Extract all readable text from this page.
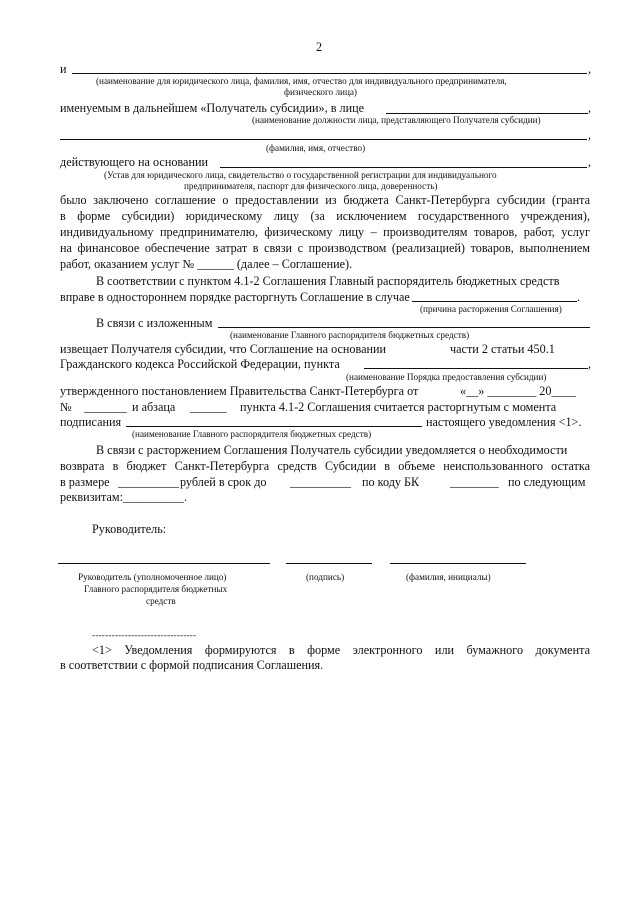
2
и	,
(наименование для юридического лица, фамилия, имя, отчество для индивидуального предпринимателя,
физического лица)
именуемым в дальнейшем «Получатель субсидии», в лице	,
(наименование должности лица, представляющего Получателя субсидии)
,
(фамилия, имя, отчество)
действующего на основании	,
(Устав для юридического лица, свидетельство о государственной регистрации для индивидуального
предпринимателя, паспорт для физического лица, доверенность)
было заключено соглашение о предоставлении из бюджета Санкт-Петербурга субсидии (гранта
в форме субсидии) юридическому лицу (за исключением государственного учреждения),
индивидуальному предпринимателю, физическому лицу – производителям товаров, работ, услуг
на финансовое обеспечение затрат в связи с производством (реализацией) товаров, выполнением
работ, оказанием услуг № ______ (далее – Соглашение).
В соответствии с пунктом 4.1-2 Соглашения Главный распорядитель бюджетных средств
вправе в одностороннем порядке расторгнуть Соглашение в случае	.
(причина расторжения Соглашения)
В связи с изложенным
(наименование Главного распорядителя бюджетных средств)
извещает Получателя субсидии, что Соглашение на основании	части 2 статьи 450.1
Гражданского кодекса Российской Федерации, пункта	,
(наименование Порядка предоставления субсидии)
утвержденного постановлением Правительства Санкт-Петербурга от	«__» ________ 20____
№ _______ и абзаца ______ пункта 4.1-2 Соглашения считается расторгнутым с момента
подписания	настоящего уведомления <1>.
(наименование Главного распорядителя бюджетных средств)
В связи с расторжением Соглашения Получатель субсидии уведомляется о необходимости
возврата в бюджет Санкт-Петербурга средств Субсидии в объеме неиспользованного остатка
в размере __________ рублей в срок до __________ по коду БК	________ по следующим
реквизитам:__________.
Руководитель:
Руководитель (уполномоченное лицо)
Главного распорядителя бюджетных
средств
(подпись)	(фамилия, инициалы)
--------------------------------
<1> Уведомления формируются в форме электронного или бумажного документа
в соответствии с формой подписания Соглашения.
